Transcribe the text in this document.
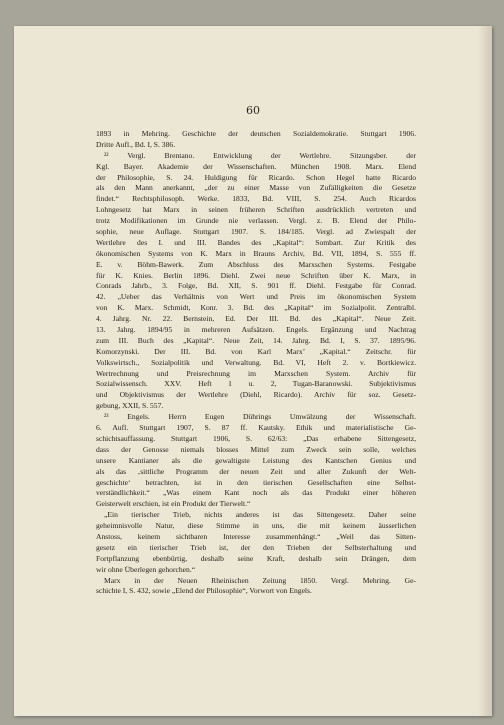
60
1893 in Mehring. Geschichte der deutschen Sozialdemokratie. Stuttgart 1906.
Dritte Aufl., Bd. I, S. 386.
²² Vergl. Brentano. Entwicklung der Wertlehre. Sitzungsber. der
Kgl. Bayer. Akademie der Wissenschaften. München 1908. Marx. Elend
der Philosophie, S. 24. Huldigung für Ricardo. Schon Hegel hatte Ricardo
als den Mann anerkannt, „der zu einer Masse von Zufälligkeiten die Gesetze
findet.“ Rechtsphilosoph. Werke. 1833, Bd. VIII, S. 254. Auch Ricardos
Lohngesetz hat Marx in seinen früheren Schriften ausdrücklich vertreten und
trotz Modifikationen im Grunde nie verlassen. Vergl. z. B. Elend der Philo-
sophie, neue Auflage. Stuttgart 1907. S. 184/185. Vergl. ad Zwiespalt der
Wertlehre des I. und III. Bandes des „Kapital“: Sombart. Zur Kritik des
ökonomischen Systems von K. Marx in Brauns Archiv, Bd. VII, 1894, S. 555 ff.
E. v. Böhm-Bawerk. Zum Abschluss des Marxschen Systems. Festgabe
für K. Knies. Berlin 1896. Diehl. Zwei neue Schriften über K. Marx, in
Conrads Jahrb., 3. Folge, Bd. XII, S. 901 ff. Diehl. Festgabe für Conrad.
42. „Ueber das Verhältnis von Wert und Preis im ökonomischen System
von K. Marx. Schmidt, Konr. 3. Bd. des „Kapital“ im Sozialpolit. Zentralbl.
4. Jahrg. Nr. 22. Bernstein, Ed. Der III. Bd. des „Kapital“. Neue Zeit.
13. Jahrg. 1894/95 in mehreren Aufsätzen. Engels. Ergänzung und Nachtrag
zum III. Buch des „Kapital“. Neue Zeit, 14. Jahrg. Bd. I, S. 37. 1895/96.
Komorzynski. Der III. Bd. von Karl Marx’ „Kapital.“ Zeitschr. für
Volkswirtsch., Sozialpolitik und Verwaltung. Bd. VI, Heft 2. v. Bortkiewicz.
Wertrechnung und Preisrechnung im Marxschen System. Archiv für
Sozialwissensch. XXV. Heft 1 u. 2, Tugan-Baranowski. Subjektivismus
und Objektivismus der Wertlehre (Diehl, Ricardo). Archiv für soz. Gesetz-
gebung, XXII, S. 557.
²³ Engels. Herrn Eugen Dührings Umwälzung der Wissenschaft.
6. Aufl. Stuttgart 1907, S. 87 ff. Kautsky. Ethik und materialistische Ge-
schichtsauffassung. Stuttgart 1906, S. 62/63: „Das erhabene Sittengesetz,
dass der Genosse niemals blosses Mittel zum Zweck sein solle, welches
unsere Kantianer als die gewaltigste Leistung des Kantschen Genius und
als das ‚sittliche Programm der neuen Zeit und aller Zukunft der Welt-
geschichte‘ betrachten, ist in den tierischen Gesellschaften eine Selbst-
verständlichkeit.“ „Was einem Kant noch als das Produkt einer höheren
Geisterwelt erschien, ist ein Produkt der Tierwelt.“
„Ein tierischer Trieb, nichts anderes ist das Sittengesetz. Daher seine
geheimnisvolle Natur, diese Stimme in uns, die mit keinem äusserlichen
Anstoss, keinem sichtbaren Interesse zusammenhängt.“ „Weil das Sitten-
gesetz ein tierischer Trieb ist, der den Trieben der Selbsterhaltung und
Fortpflanzung ebenbürtig, deshalb seine Kraft, deshalb sein Drängen, dem
wir ohne Überlegen gehorchen.“
Marx in der Neuen Rheinischen Zeitung 1850. Vergl. Mehring. Ge-
schichte I, S. 432, sowie „Elend der Philosophie“, Vorwort von Engels.
